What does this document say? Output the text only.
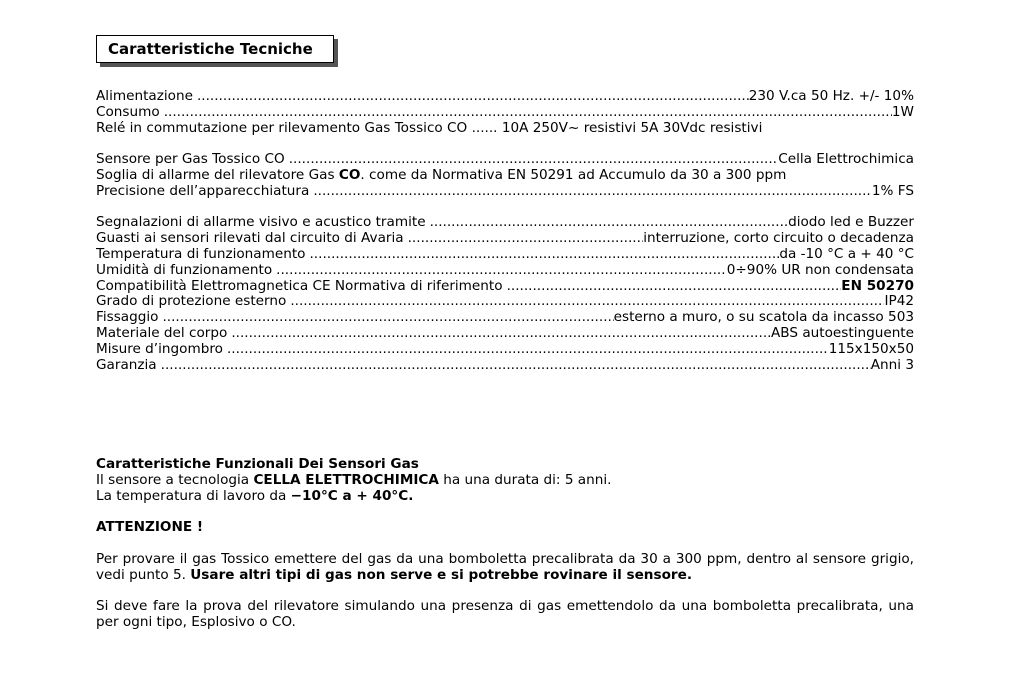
Caratteristiche Tecniche
Alimentazione .....	230 V.ca 50 Hz. +/- 10%
Consumo .....	1W
Relé in commutazione per rilevamento Gas Tossico CO ...... 10A 250V~ resistivi 5A 30Vdc resistivi
Sensore per Gas Tossico CO .....	Cella Elettrochimica
Soglia di allarme del rilevatore Gas CO. come da Normativa EN 50291 ad Accumulo da 30 a 300 ppm
Precisione dell’apparecchiatura .....	1% FS
Segnalazioni di allarme visivo e acustico tramite .....	diodo led e Buzzer
Guasti ai sensori rilevati dal circuito di Avaria .....	interruzione, corto circuito o decadenza
Temperatura di funzionamento .....	da -10 °C a + 40 °C
Umidità di funzionamento .....	0÷90% UR non condensata
Compatibilità Elettromagnetica CE Normativa di riferimento .....	EN 50270
Grado di protezione esterno .....	IP42
Fissaggio .....	esterno a muro, o su scatola da incasso 503
Materiale del corpo .....	ABS autoestinguente
Misure d’ingombro .....	115x150x50
Garanzia .....	Anni 3
Caratteristiche Funzionali Dei Sensori Gas
Il sensore a tecnologia CELLA ELETTROCHIMICA ha una durata di: 5 anni.
La temperatura di lavoro da −10°C a + 40°C.
ATTENZIONE !

Per provare il gas Tossico emettere del gas da una bomboletta precalibrata da 30 a 300 ppm, dentro al sensore grigio, vedi punto 5. Usare altri tipi di gas non serve e si potrebbe rovinare il sensore.

Si deve fare la prova del rilevatore simulando una presenza di gas emettendolo da una bomboletta precalibrata, una per ogni tipo, Esplosivo o CO.
